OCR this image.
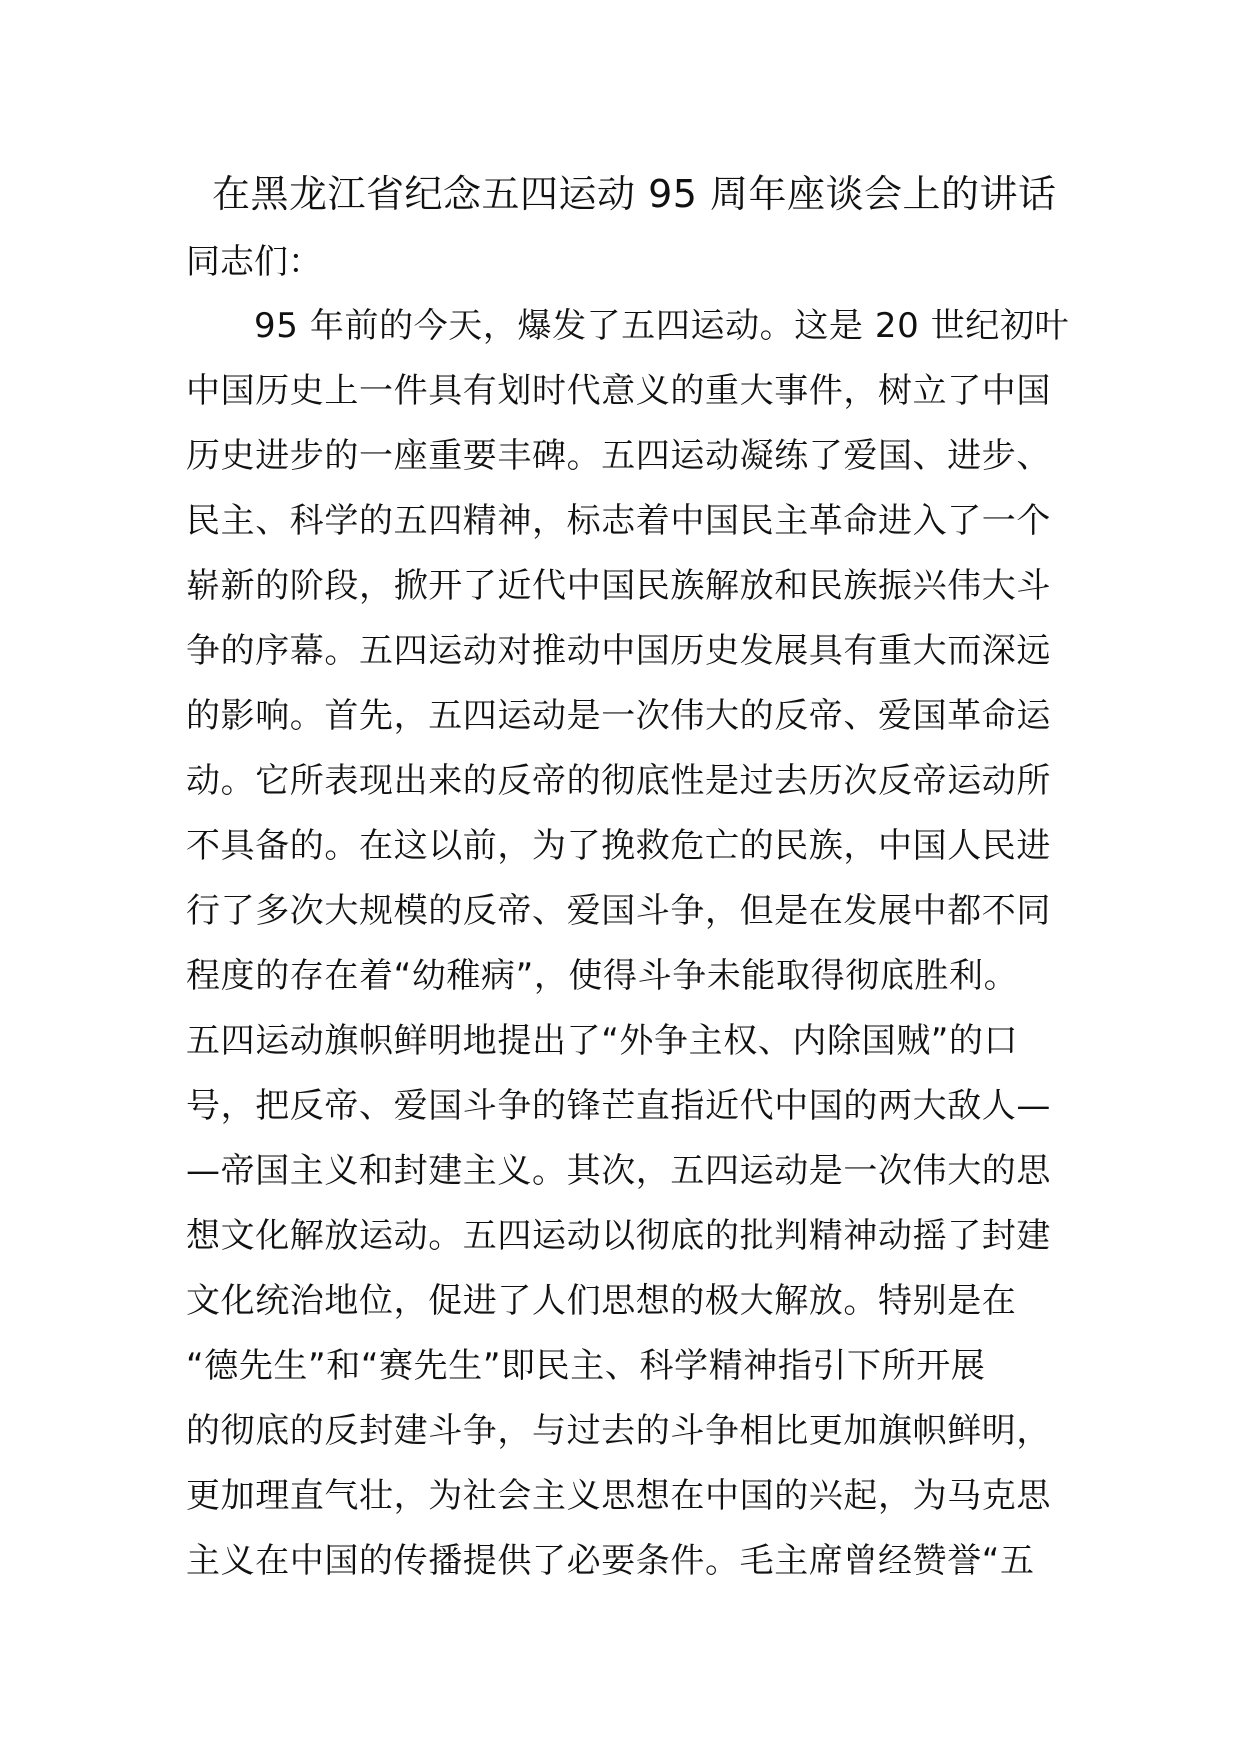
在黑龙江省纪念五四运动 95 周年座谈会上的讲话
同志们：
95 年前的今天，爆发了五四运动。这是 20 世纪初叶
中国历史上一件具有划时代意义的重大事件，树立了中国
历史进步的一座重要丰碑。五四运动凝练了爱国、进步、
民主、科学的五四精神，标志着中国民主革命进入了一个
崭新的阶段，掀开了近代中国民族解放和民族振兴伟大斗
争的序幕。五四运动对推动中国历史发展具有重大而深远
的影响。首先，五四运动是一次伟大的反帝、爱国革命运
动。它所表现出来的反帝的彻底性是过去历次反帝运动所
不具备的。在这以前，为了挽救危亡的民族，中国人民进
行了多次大规模的反帝、爱国斗争，但是在发展中都不同
程度的存在着“幼稚病”，使得斗争未能取得彻底胜利。
五四运动旗帜鲜明地提出了“外争主权、内除国贼”的口
号，把反帝、爱国斗争的锋芒直指近代中国的两大敌人—
—帝国主义和封建主义。其次，五四运动是一次伟大的思
想文化解放运动。五四运动以彻底的批判精神动摇了封建
文化统治地位，促进了人们思想的极大解放。特别是在
“德先生”和“赛先生”即民主、科学精神指引下所开展
的彻底的反封建斗争，与过去的斗争相比更加旗帜鲜明，
更加理直气壮，为社会主义思想在中国的兴起，为马克思
主义在中国的传播提供了必要条件。毛主席曾经赞誉“五
